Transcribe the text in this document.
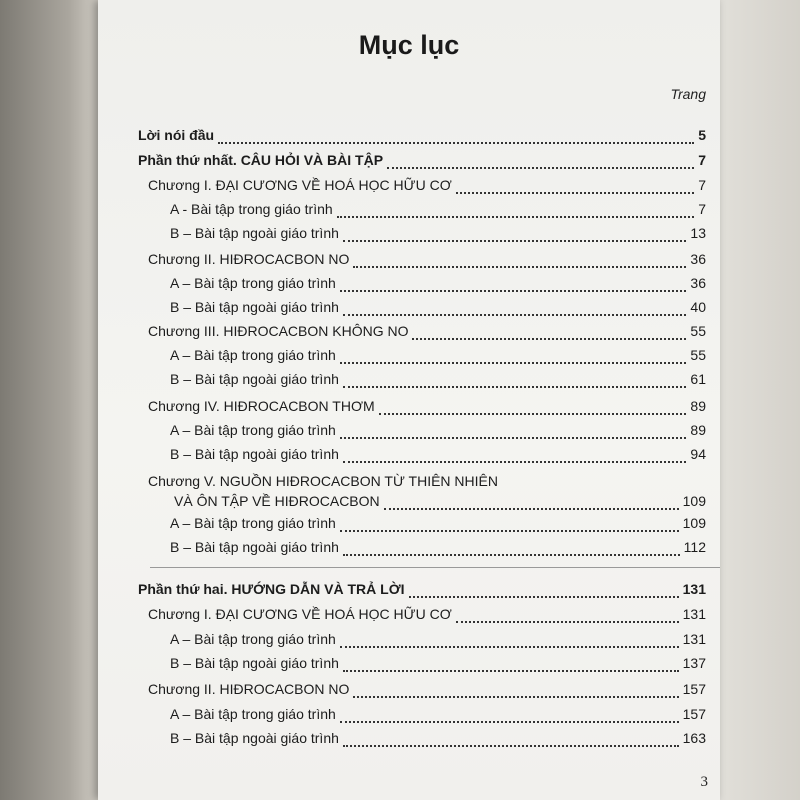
Mục lục
Trang
Lời nói đầu	5
Phần thứ nhất. CÂU HỎI VÀ BÀI TẬP	7
Chương I. ĐẠI CƯƠNG VỀ HOÁ HỌC HỮU CƠ	7
A - Bài tập trong giáo trình	7
B – Bài tập ngoài giáo trình	13
Chương II. HIĐROCACBON NO	36
A – Bài tập trong giáo trình	36
B – Bài tập ngoài giáo trình	40
Chương III. HIĐROCACBON KHÔNG NO	55
A – Bài tập trong giáo trình	55
B – Bài tập ngoài giáo trình	61
Chương IV. HIĐROCACBON THƠM	89
A – Bài tập trong giáo trình	89
B – Bài tập ngoài giáo trình	94
Chương V. NGUỒN HIĐROCACBON TỪ THIÊN NHIÊN
VÀ ÔN TẬP VỀ HIĐROCACBON	109
A – Bài tập trong giáo trình	109
B – Bài tập ngoài giáo trình	112
Phần thứ hai. HƯỚNG DẪN VÀ TRẢ LỜI	131
Chương I. ĐẠI CƯƠNG VỀ HOÁ HỌC HỮU CƠ	131
A – Bài tập trong giáo trình	131
B – Bài tập ngoài giáo trình	137
Chương II. HIĐROCACBON NO	157
A – Bài tập trong giáo trình	157
B – Bài tập ngoài giáo trình	163
3
